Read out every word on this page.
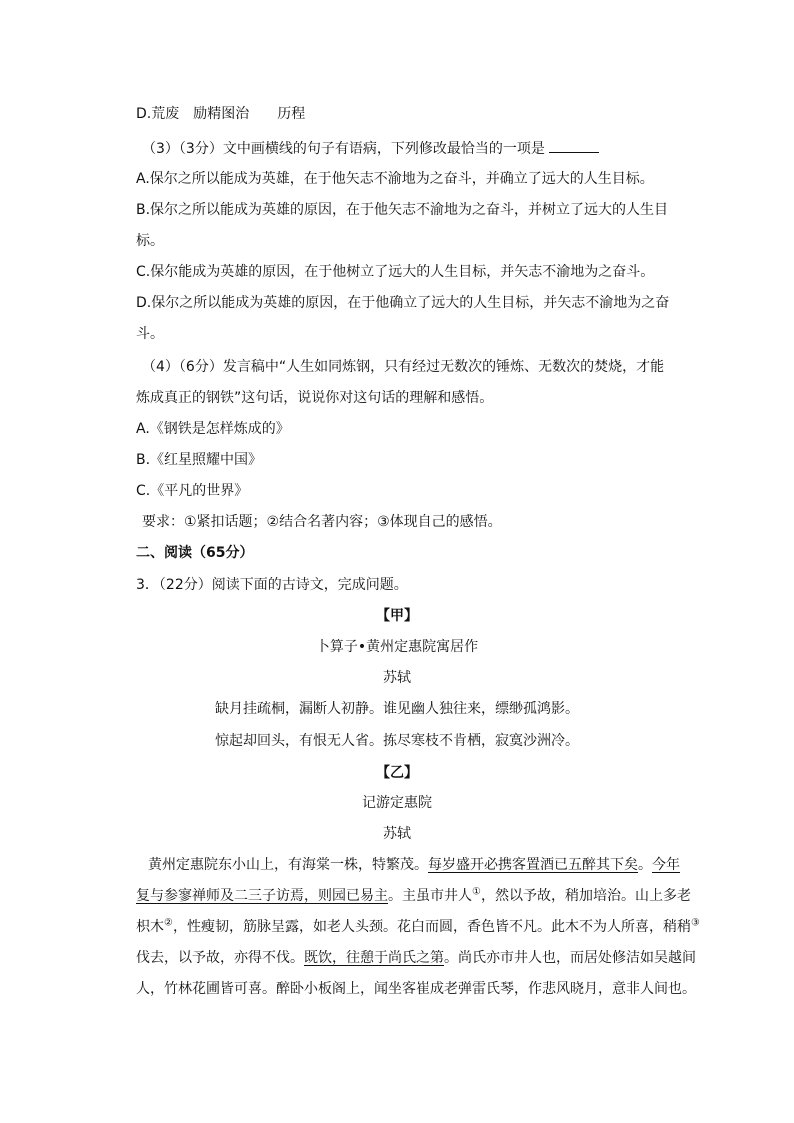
D.荒废 励精图治 历程
（3）（3分）文中画横线的句子有语病，下列修改最恰当的一项是
A.保尔之所以能成为英雄，在于他矢志不渝地为之奋斗，并确立了远大的人生目标。
B.保尔之所以能成为英雄的原因，在于他矢志不渝地为之奋斗，并树立了远大的人生目
标。
C.保尔能成为英雄的原因，在于他树立了远大的人生目标，并矢志不渝地为之奋斗。
D.保尔之所以能成为英雄的原因，在于他确立了远大的人生目标，并矢志不渝地为之奋
斗。
（4）（6分）发言稿中“人生如同炼钢，只有经过无数次的锤炼、无数次的焚烧，才能
炼成真正的钢铁”这句话，说说你对这句话的理解和感悟。
A.《钢铁是怎样炼成的》
B.《红星照耀中国》
C.《平凡的世界》
要求：①紧扣话题；②结合名著内容；③体现自己的感悟。
二、阅读（65分）
3．（22分）阅读下面的古诗文，完成问题。
【甲】
卜算子•黄州定惠院寓居作
苏轼
缺月挂疏桐，漏断人初静。谁见幽人独往来，缥缈孤鸿影。
惊起却回头，有恨无人省。拣尽寒枝不肯栖，寂寞沙洲冷。
【乙】
记游定惠院
苏轼
黄州定惠院东小山上，有海棠一株，特繁茂。每岁盛开必携客置酒已五醉其下矣。今年
复与参寥禅师及二三子访焉，则园已易主。主虽市井人①，然以予故，稍加培治。山上多老
枳木②，性瘦韧，筋脉呈露，如老人头颈。花白而圆，香色皆不凡。此木不为人所喜，稍稍③
伐去，以予故，亦得不伐。既饮，往憩于尚氏之第。尚氏亦市井人也，而居处修洁如吴越间
人，竹林花圃皆可喜。醉卧小板阁上，闻坐客崔成老弹雷氏琴，作悲风晓月，意非人间也。
